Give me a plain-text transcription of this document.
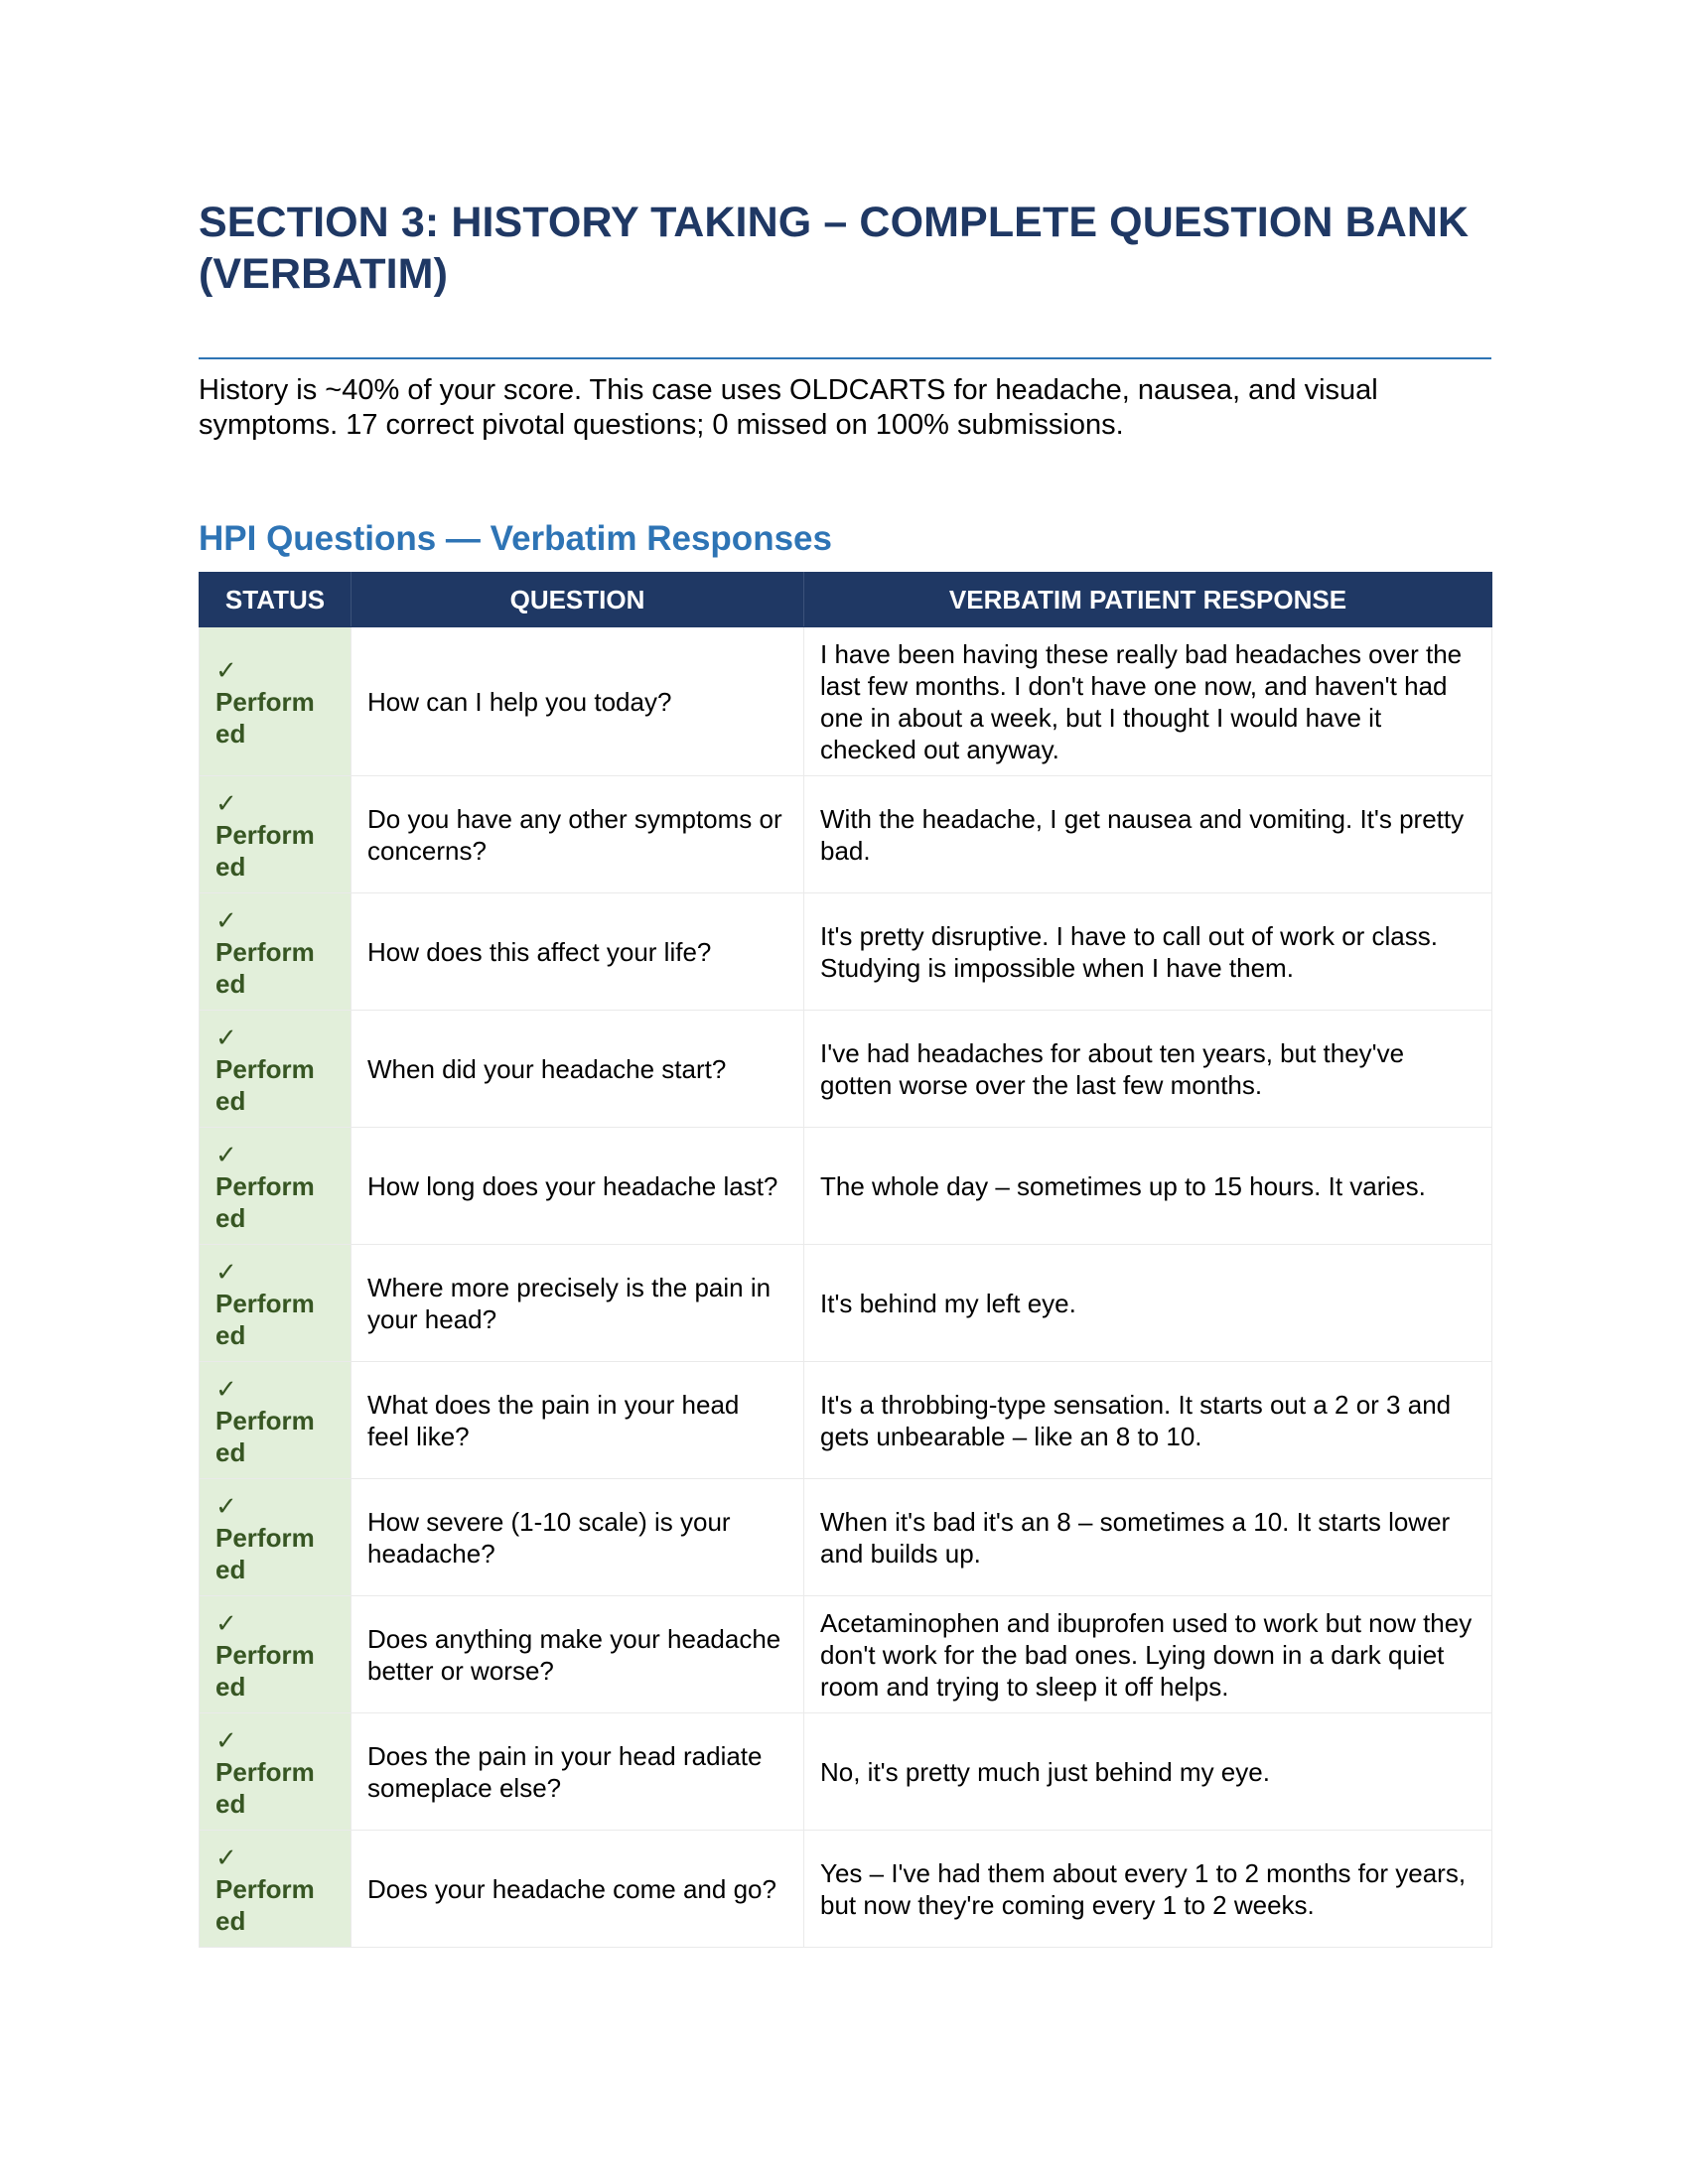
SECTION 3: HISTORY TAKING – COMPLETE QUESTION BANK (VERBATIM)

History is ~40% of your score. This case uses OLDCARTS for headache, nausea, and visual symptoms. 17 correct pivotal questions; 0 missed on 100% submissions.

HPI Questions — Verbatim Responses
STATUS	QUESTION	VERBATIM PATIENT RESPONSE

✓
Perform ed	How can I help you today?	I have been having these really bad headaches over the last few months. I don't have one now, and haven't had one in about a week, but I thought I would have it checked out anyway.

✓
Perform ed	Do you have any other symptoms or concerns?	With the headache, I get nausea and vomiting. It's pretty bad.

✓
Perform ed	How does this affect your life?	It's pretty disruptive. I have to call out of work or class. Studying is impossible when I have them.

✓
Perform ed	When did your headache start?	I've had headaches for about ten years, but they've gotten worse over the last few months.

✓
Perform ed	How long does your headache last?	The whole day – sometimes up to 15 hours. It varies.

✓
Perform ed	Where more precisely is the pain in your head?	It's behind my left eye.

✓
Perform ed	What does the pain in your head feel like?	It's a throbbing-type sensation. It starts out a 2 or 3 and gets unbearable – like an 8 to 10.

✓
Perform ed	How severe (1-10 scale) is your headache?	When it's bad it's an 8 – sometimes a 10. It starts lower and builds up.

✓
Perform ed	Does anything make your headache better or worse?	Acetaminophen and ibuprofen used to work but now they don't work for the bad ones. Lying down in a dark quiet room and trying to sleep it off helps.

✓
Perform ed	Does the pain in your head radiate someplace else?	No, it's pretty much just behind my eye.

✓
Perform ed	Does your headache come and go?	Yes – I've had them about every 1 to 2 months for years, but now they're coming every 1 to 2 weeks.
